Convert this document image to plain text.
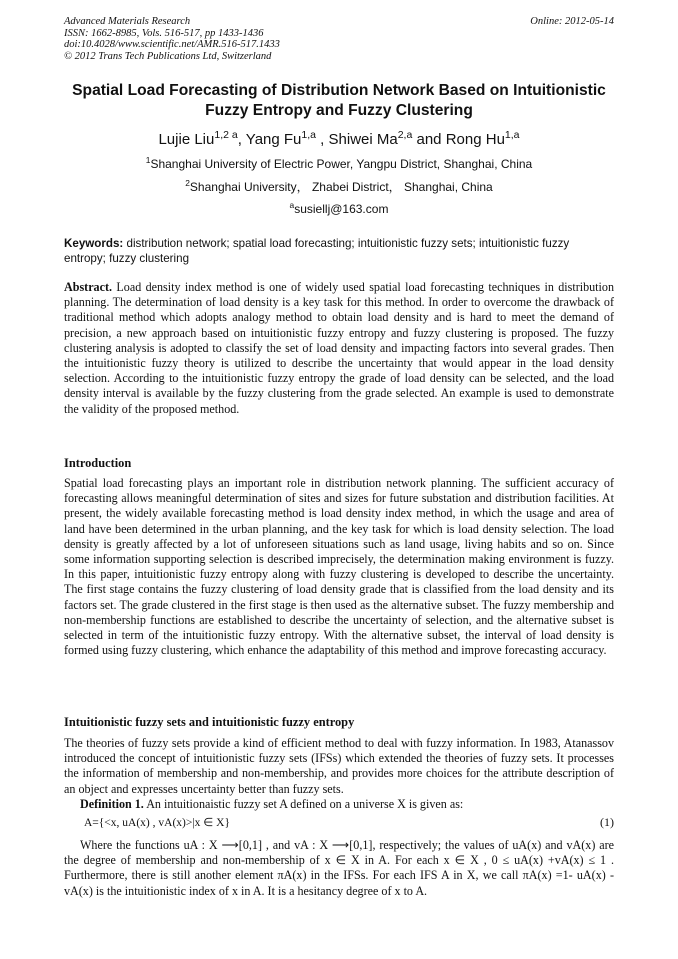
Advanced Materials Research
ISSN: 1662-8985, Vols. 516-517, pp 1433-1436
doi:10.4028/www.scientific.net/AMR.516-517.1433
© 2012 Trans Tech Publications Ltd, Switzerland
Online: 2012-05-14
Spatial Load Forecasting of Distribution Network Based on Intuitionistic Fuzzy Entropy and Fuzzy Clustering
Lujie Liu$^{1,2 a}$, Yang Fu$^{1,a}$ , Shiwei Ma$^{2,a}$ and Rong Hu$^{1,a}$
$^1$Shanghai University of Electric Power, Yangpu District, Shanghai, China
$^2$Shanghai University， Zhabei District， Shanghai, China
$^a$susiellj@163.com
Keywords: distribution network; spatial load forecasting; intuitionistic fuzzy sets; intuitionistic fuzzy entropy; fuzzy clustering
Abstract. Load density index method is one of widely used spatial load forecasting techniques in distribution planning. The determination of load density is a key task for this method. In order to overcome the drawback of traditional method which adopts analogy method to obtain load density and is hard to meet the demand of precision, a new approach based on intuitionistic fuzzy entropy and fuzzy clustering is proposed. The fuzzy clustering analysis is adopted to classify the set of load density and impacting factors into several grades. Then the intuitionistic fuzzy theory is utilized to describe the uncertainty that would appear in the load density selection. According to the intuitionistic fuzzy entropy the grade of load density can be selected, and the load density interval is available by the fuzzy clustering from the grade selected. An example is used to demonstrate the validity of the proposed method.
Introduction
Spatial load forecasting plays an important role in distribution network planning. The sufficient accuracy of forecasting allows meaningful determination of sites and sizes for future substation and distribution facilities. At present, the widely available forecasting method is load density index method, in which the usage and area of land have been determined in the urban planning, and the key task for which is load density selection. The load density is greatly affected by a lot of unforeseen situations such as land usage, living habits and so on. Since some information supporting selection is described imprecisely, the determination making environment is fuzzy. In this paper, intuitionistic fuzzy entropy along with fuzzy clustering is developed to describe the uncertainty. The first stage contains the fuzzy clustering of load density grade that is classified from the load density and its factors set. The grade clustered in the first stage is then used as the alternative subset. The fuzzy membership and non-membership functions are established to describe the uncertainty of selection, and the alternative subset is selected in term of the intuitionistic fuzzy entropy. With the alternative subset, the interval of load density is formed using fuzzy clustering, which enhance the adaptability of this method and improve forecasting accuracy.
Intuitionistic fuzzy sets and intuitionistic fuzzy entropy
The theories of fuzzy sets provide a kind of efficient method to deal with fuzzy information. In 1983, Atanassov introduced the concept of intuitionistic fuzzy sets (IFSs) which extended the theories of fuzzy sets. It processes the information of membership and non-membership, and provides more choices for the attribute description of an object and expresses uncertainty better than fuzzy sets.
Definition 1. An intuitionaistic fuzzy set A defined on a universe X is given as:
A={<x, uA(x) , vA(x)>|x ∈ X}	(1)
Where the functions uA : X ⟶[0,1] , and vA : X ⟶[0,1], respectively; the values of uA(x) and vA(x) are the degree of membership and non-membership of x ∈ X in A. For each x ∈ X , 0 ≤ uA(x) +vA(x) ≤ 1 . Furthermore, there is still another element πA(x) in the IFSs. For each IFS A in X, we call πA(x) =1- uA(x) - vA(x) is the intuitionistic index of x in A. It is a hesitancy degree of x to A.
